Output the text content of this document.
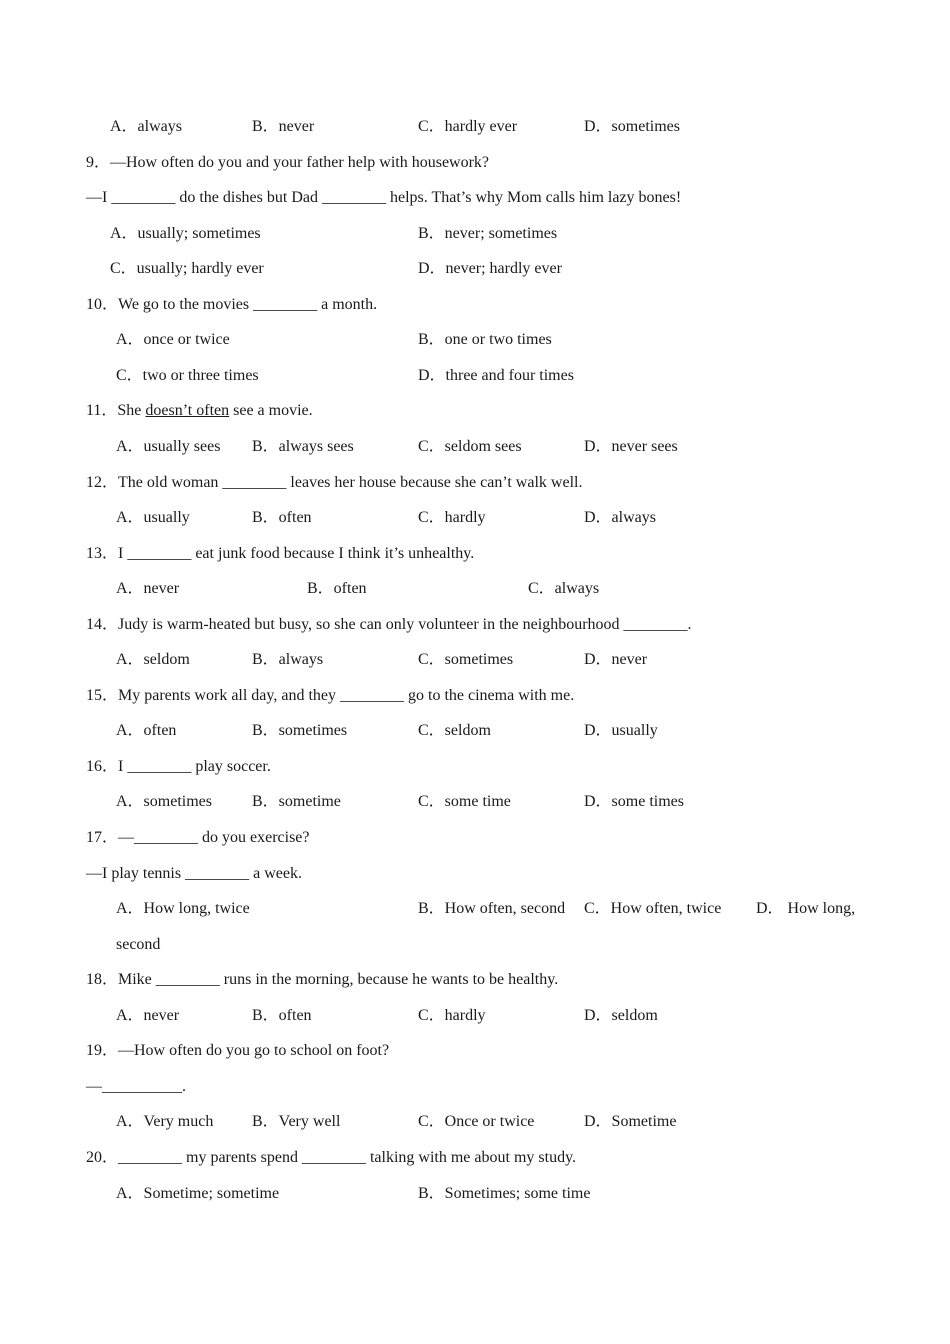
A．always	B．never	C．hardly ever	D．sometimes
9．—How often do you and your father help with housework?
—I ________ do the dishes but Dad ________ helps. That’s why Mom calls him lazy bones!
A．usually; sometimes	B．never; sometimes
C．usually; hardly ever	D．never; hardly ever
10．We go to the movies ________ a month.
A．once or twice	B．one or two times
C．two or three times	D．three and four times
11．She doesn’t often see a movie.
A．usually sees B．always sees	C．seldom sees	D．never sees
12．The old woman ________ leaves her house because she can’t walk well.
A．usually	B．often	C．hardly	D．always
13．I ________ eat junk food because I think it’s unhealthy.
A．never	B．often	C．always
14．Judy is warm-heated but busy, so she can only volunteer in the neighbourhood ________.
A．seldom	B．always	C．sometimes	D．never
15．My parents work all day, and they ________ go to the cinema with me.
A．often	B．sometimes	C．seldom	D．usually
16．I ________ play soccer.
A．sometimes	B．sometime	C．some time	D．some times
17．—________ do you exercise?
—I play tennis ________ a week.
A．How long, twice	B．How often, second C．How often, twice D． How long,
second
18．Mike ________ runs in the morning, because he wants to be healthy.
A．never	B．often	C．hardly	D．seldom
19．—How often do you go to school on foot?
—__________.
A．Very much B．Very well	C．Once or twice	D．Sometime
20．________ my parents spend ________ talking with me about my study.
A．Sometime; sometime	B．Sometimes; some time
